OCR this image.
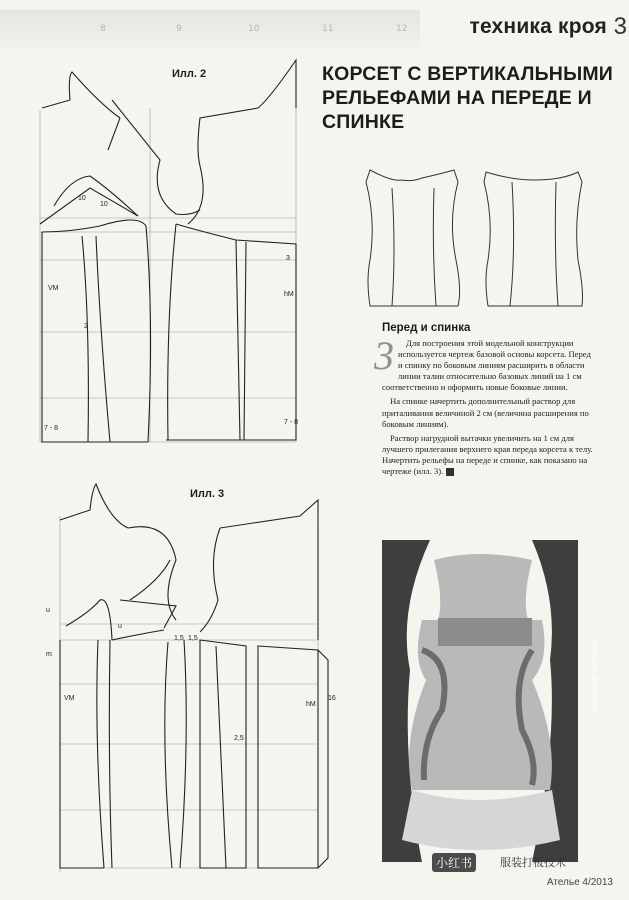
8	9	10	11	12	техника кроя 3
Илл. 2
10
10
VM
hM
3
2
7 - 8
7 - 8
Илл. 3
1,5 1,5
16
2,5
VM
hM
u
u
m
КОРСЕТ С ВЕРТИКАЛЬНЫМИ РЕЛЬЕФАМИ НА ПЕРЕДЕ И СПИНКЕ
Перед и спинка
3	Для построения этой модельной конструкции используется чертеж базовой основы корсета. Перед и спинку по боковым линиям расширить в области линии талии относительно базовых линий на 1 см соответственно и оформить новые боковые линии.

На спинке начертить дополнительный раствор для приталивания величиной 2 см (величина расширения по боковым линиям).

Раствор нагрудной вытачки увеличить на 1 см для лучшего прилегания верхнего края переда корсета к телу. Начертить рельефы на переде и спинке, как показано на чертеже (илл. 3).

Alexander McQueen
小红书	服装打板技术
Ателье 4/2013
